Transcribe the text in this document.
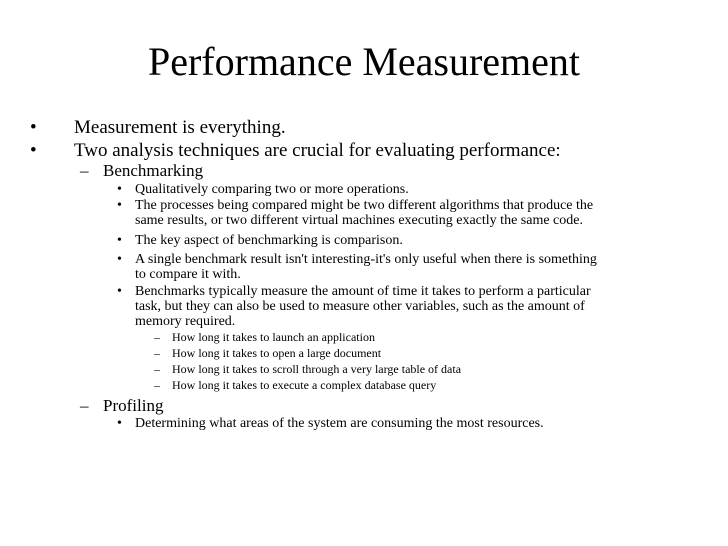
Performance Measurement
• Measurement is everything.
• Two analysis techniques are crucial for evaluating performance:
– Benchmarking
• Qualitatively comparing two or more operations.
• The processes being compared might be two different algorithms that produce the
same results, or two different virtual machines executing exactly the same code.
• The key aspect of benchmarking is comparison.
• A single benchmark result isn't interesting-it's only useful when there is something
to compare it with.
• Benchmarks typically measure the amount of time it takes to perform a particular
task, but they can also be used to measure other variables, such as the amount of
memory required.
– How long it takes to launch an application
– How long it takes to open a large document
– How long it takes to scroll through a very large table of data
– How long it takes to execute a complex database query
– Profiling
• Determining what areas of the system are consuming the most resources.
